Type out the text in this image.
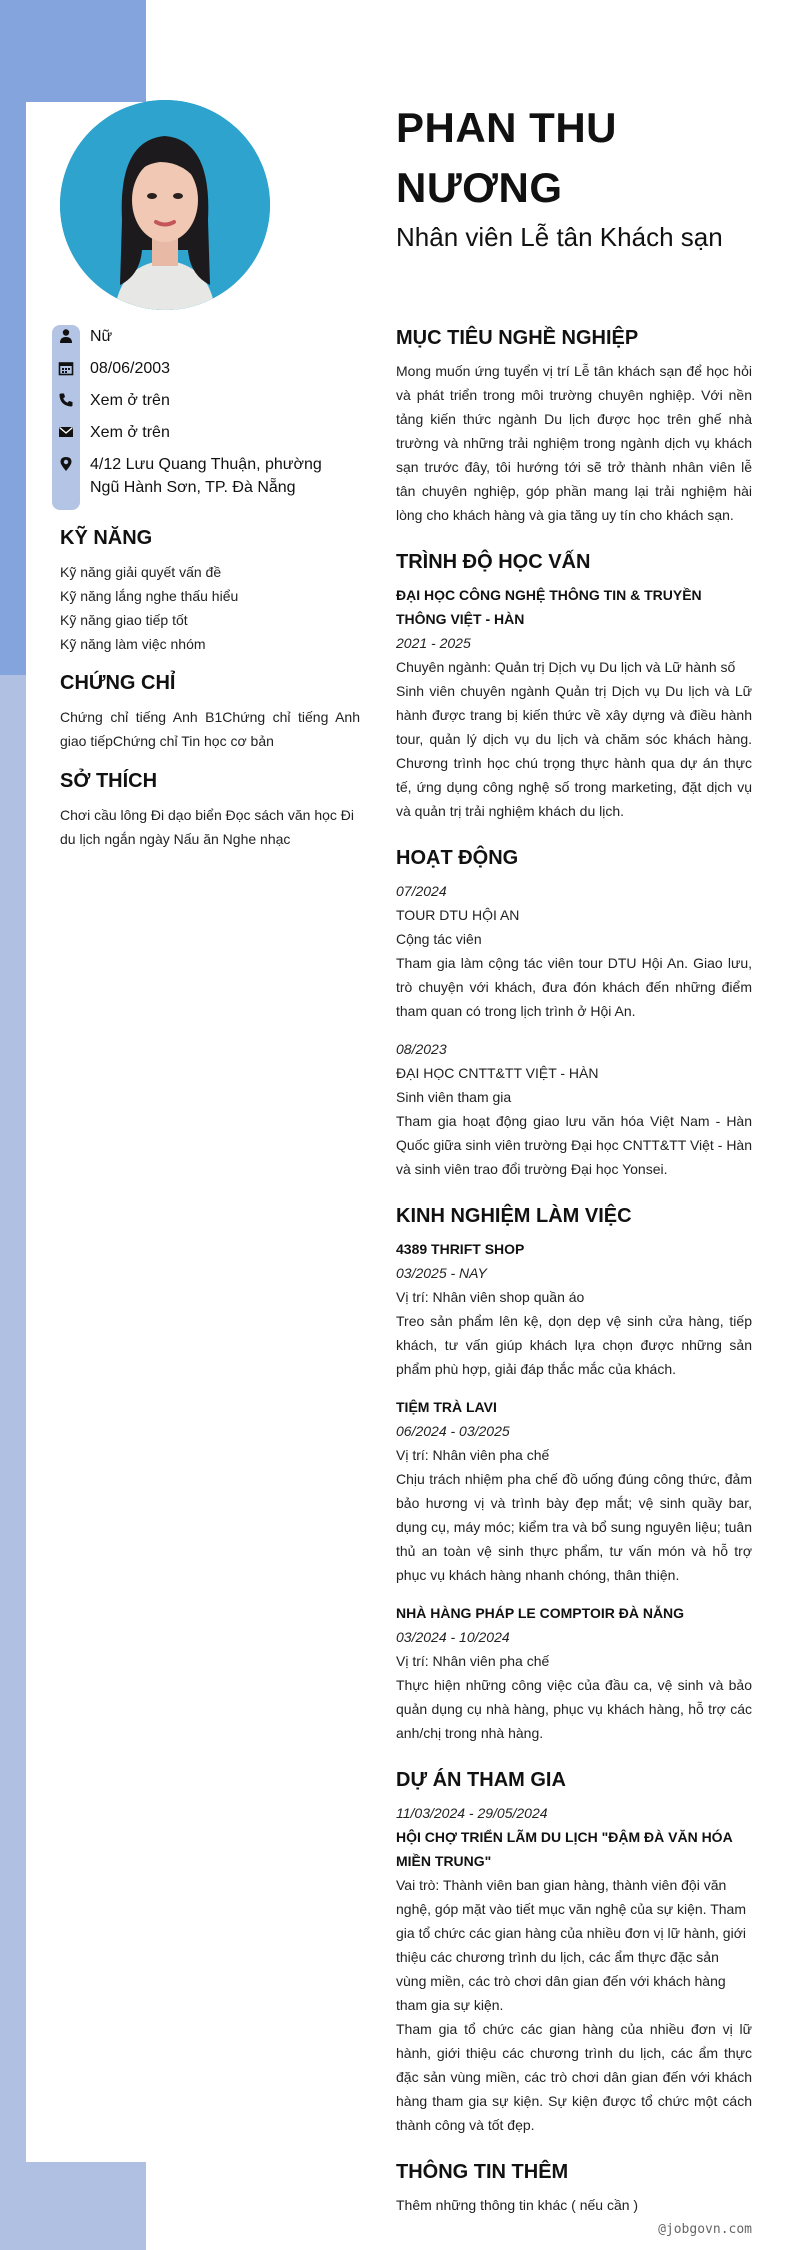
PHAN THU NƯƠNG
Nhân viên Lễ tân Khách sạn
Nữ
08/06/2003
Xem ở trên
Xem ở trên
4/12 Lưu Quang Thuận, phường Ngũ Hành Sơn, TP. Đà Nẵng
KỸ NĂNG
Kỹ năng giải quyết vấn đề
Kỹ năng lắng nghe thấu hiểu
Kỹ năng giao tiếp tốt
Kỹ năng làm việc nhóm
CHỨNG CHỈ
Chứng chỉ tiếng Anh B1Chứng chỉ tiếng Anh giao tiếpChứng chỉ Tin học cơ bản
SỞ THÍCH
Chơi cầu lông Đi dạo biển Đọc sách văn học Đi du lịch ngắn ngày Nấu ăn Nghe nhạc
MỤC TIÊU NGHỀ NGHIỆP
Mong muốn ứng tuyển vị trí Lễ tân khách sạn để học hỏi và phát triển trong môi trường chuyên nghiệp. Với nền tảng kiến thức ngành Du lịch được học trên ghế nhà trường và những trải nghiệm trong ngành dịch vụ khách sạn trước đây, tôi hướng tới sẽ trở thành nhân viên lễ tân chuyên nghiệp, góp phần mang lại trải nghiệm hài lòng cho khách hàng và gia tăng uy tín cho khách sạn.
TRÌNH ĐỘ HỌC VẤN
ĐẠI HỌC CÔNG NGHỆ THÔNG TIN & TRUYỀN THÔNG VIỆT - HÀN
2021 - 2025
Chuyên ngành: Quản trị Dịch vụ Du lịch và Lữ hành số
Sinh viên chuyên ngành Quản trị Dịch vụ Du lịch và Lữ hành được trang bị kiến thức về xây dựng và điều hành tour, quản lý dịch vụ du lịch và chăm sóc khách hàng. Chương trình học chú trọng thực hành qua dự án thực tế, ứng dụng công nghệ số trong marketing, đặt dịch vụ và quản trị trải nghiệm khách du lịch.
HOẠT ĐỘNG
07/2024
TOUR DTU HỘI AN
Cộng tác viên
Tham gia làm cộng tác viên tour DTU Hội An. Giao lưu, trò chuyện với khách, đưa đón khách đến những điểm tham quan có trong lịch trình ở Hội An.
08/2023
ĐẠI HỌC CNTT&TT VIỆT - HÀN
Sinh viên tham gia
Tham gia hoạt động giao lưu văn hóa Việt Nam - Hàn Quốc giữa sinh viên trường Đại học CNTT&TT Việt - Hàn và sinh viên trao đổi trường Đại học Yonsei.
KINH NGHIỆM LÀM VIỆC
4389 THRIFT SHOP
03/2025 - NAY
Vị trí: Nhân viên shop quần áo
Treo sản phẩm lên kệ, dọn dẹp vệ sinh cửa hàng, tiếp khách, tư vấn giúp khách lựa chọn được những sản phẩm phù hợp, giải đáp thắc mắc của khách.
TIỆM TRÀ LAVI
06/2024 - 03/2025
Vị trí: Nhân viên pha chế
Chịu trách nhiệm pha chế đồ uống đúng công thức, đảm bảo hương vị và trình bày đẹp mắt; vệ sinh quầy bar, dụng cụ, máy móc; kiểm tra và bổ sung nguyên liệu; tuân thủ an toàn vệ sinh thực phẩm, tư vấn món và hỗ trợ phục vụ khách hàng nhanh chóng, thân thiện.
NHÀ HÀNG PHÁP LE COMPTOIR ĐÀ NẴNG
03/2024 - 10/2024
Vị trí: Nhân viên pha chế
Thực hiện những công việc của đầu ca, vệ sinh và bảo quản dụng cụ nhà hàng, phục vụ khách hàng, hỗ trợ các anh/chị trong nhà hàng.
DỰ ÁN THAM GIA
11/03/2024 - 29/05/2024
HỘI CHỢ TRIỂN LÃM DU LỊCH "ĐẬM ĐÀ VĂN HÓA MIỀN TRUNG"
Vai trò: Thành viên ban gian hàng, thành viên đội văn nghệ, góp mặt vào tiết mục văn nghệ của sự kiện. Tham gia tổ chức các gian hàng của nhiều đơn vị lữ hành, giới thiệu các chương trình du lịch, các ẩm thực đặc sản vùng miền, các trò chơi dân gian đến với khách hàng tham gia sự kiện.
Tham gia tổ chức các gian hàng của nhiều đơn vị lữ hành, giới thiệu các chương trình du lịch, các ẩm thực đặc sản vùng miền, các trò chơi dân gian đến với khách hàng tham gia sự kiện. Sự kiện được tổ chức một cách thành công và tốt đẹp.
THÔNG TIN THÊM
Thêm những thông tin khác ( nếu cần )
@jobgovn.com
